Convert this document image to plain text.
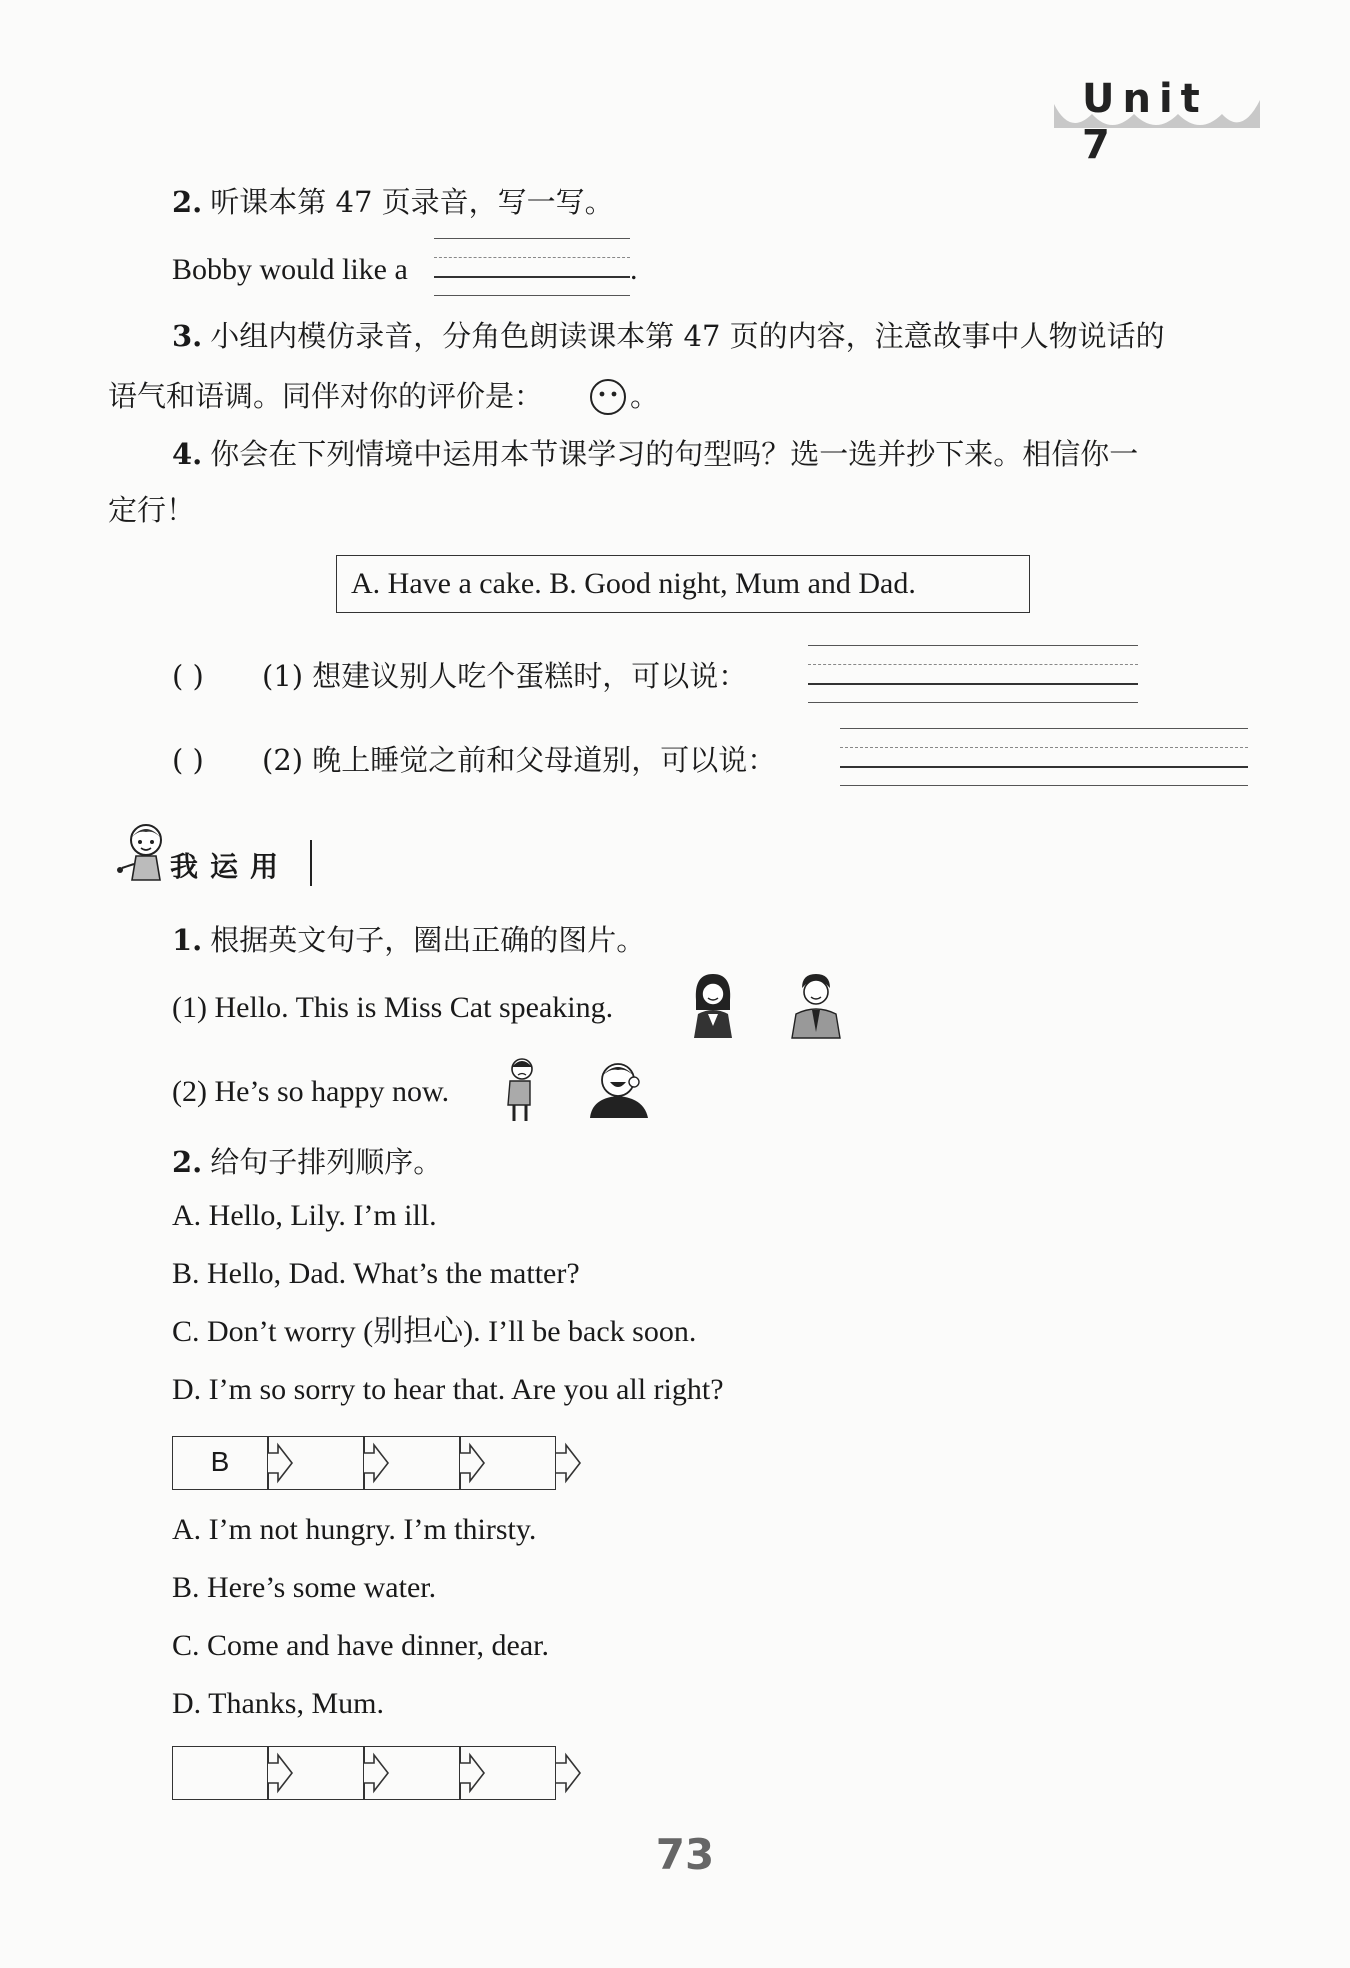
Unit 7
2. 听课本第 47 页录音，写一写。
Bobby would like a	.
3. 小组内模仿录音，分角色朗读课本第 47 页的内容，注意故事中人物说话的
语气和语调。同伴对你的评价是：	。
4. 你会在下列情境中运用本节课学习的句型吗？选一选并抄下来。相信你一
定行！
A. Have a cake. B. Good night, Mum and Dad.
( ) (1) 想建议别人吃个蛋糕时，可以说：
( ) (2) 晚上睡觉之前和父母道别，可以说：
我运用
1. 根据英文句子，圈出正确的图片。
(1) Hello. This is Miss Cat speaking.
(2) He’s so happy now.
2. 给句子排列顺序。
A. Hello, Lily. I’m ill.
B. Hello, Dad. What’s the matter?
C. Don’t worry (别担心). I’ll be back soon.
D. I’m so sorry to hear that. Are you all right?
B
A. I’m not hungry. I’m thirsty.
B. Here’s some water.
C. Come and have dinner, dear.
D. Thanks, Mum.
73
